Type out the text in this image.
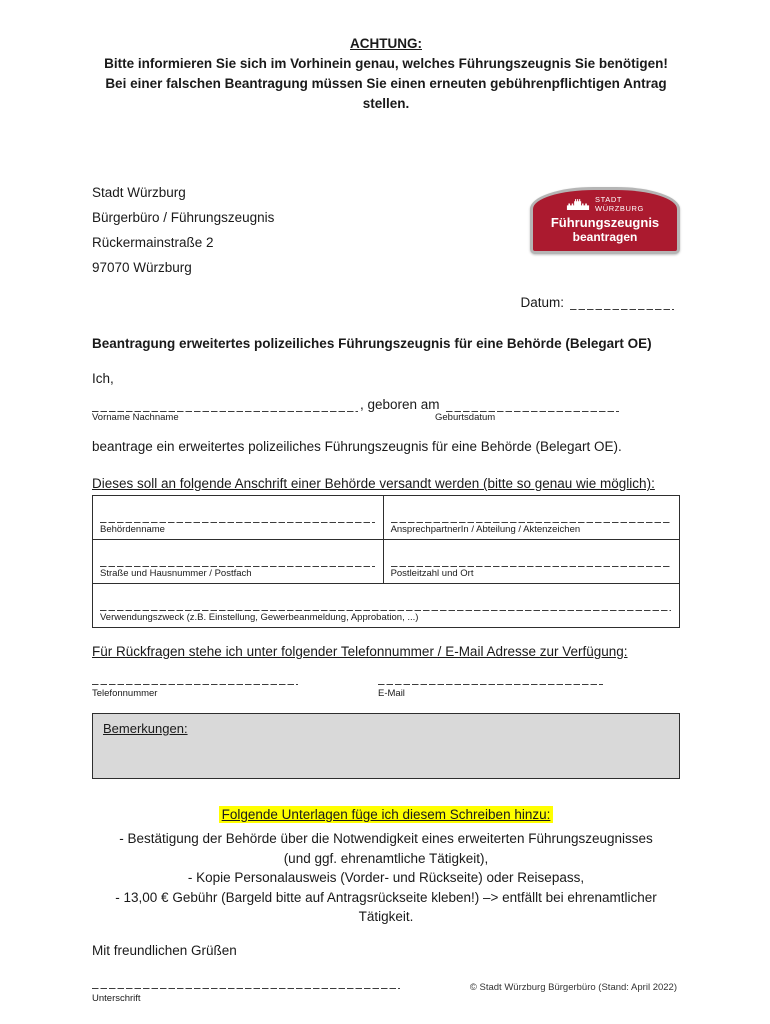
ACHTUNG:
Bitte informieren Sie sich im Vorhinein genau, welches Führungszeugnis Sie benötigen!
Bei einer falschen Beantragung müssen Sie einen erneuten gebührenpflichtigen Antrag stellen.
Stadt Würzburg
Bürgerbüro / Führungszeugnis
Rückermainstraße 2
97070 Würzburg
STADT
WÜRZBURG
Führungszeugnis
beantragen
Datum:
Beantragung erweitertes polizeiliches Führungszeugnis für eine Behörde (Belegart OE)
Ich,
, geboren am
Vorname Nachname	Geburtsdatum
beantrage ein erweitertes polizeiliches Führungszeugnis für eine Behörde (Belegart OE).
Dieses soll an folgende Anschrift einer Behörde versandt werden (bitte so genau wie möglich):
Behördenname	AnsprechpartnerIn / Abteilung / Aktenzeichen

Straße und Hausnummer / Postfach	Postleitzahl und Ort

Verwendungszweck (z.B. Einstellung, Gewerbeanmeldung, Approbation, ...)	
Für Rückfragen stehe ich unter folgender Telefonnummer / E-Mail Adresse zur Verfügung:
Telefonnummer	E-Mail
Bemerkungen:
Folgende Unterlagen füge ich diesem Schreiben hinzu:
- Bestätigung der Behörde über die Notwendigkeit eines erweiterten Führungszeugnisses
(und ggf. ehrenamtliche Tätigkeit),
- Kopie Personalausweis (Vorder- und Rückseite) oder Reisepass,
- 13,00 € Gebühr (Bargeld bitte auf Antragsrückseite kleben!) –> entfällt bei ehrenamtlicher Tätigkeit.
Mit freundlichen Grüßen
Unterschrift
© Stadt Würzburg Bürgerbüro (Stand: April 2022)
